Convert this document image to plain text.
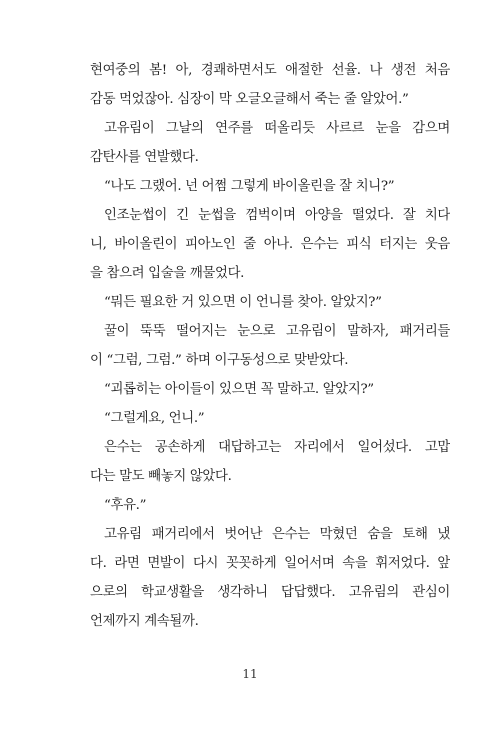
현여중의 봄! 아, 경쾌하면서도 애절한 선율. 나 생전 처음
감동 먹었잖아. 심장이 막 오글오글해서 죽는 줄 알았어.”
고유림이 그날의 연주를 떠올리듯 사르르 눈을 감으며
감탄사를 연발했다.
“나도 그랬어. 넌 어쩜 그렇게 바이올린을 잘 치니?”
인조눈썹이 긴 눈썹을 껌벅이며 아양을 떨었다. 잘 치다
니, 바이올린이 피아노인 줄 아나. 은수는 피식 터지는 웃음
을 참으려 입술을 깨물었다.
“뭐든 필요한 거 있으면 이 언니를 찾아. 알았지?”
꿀이 뚝뚝 떨어지는 눈으로 고유림이 말하자, 패거리들
이 “그럼, 그럼.” 하며 이구동성으로 맞받았다.
“괴롭히는 아이들이 있으면 꼭 말하고. 알았지?”
“그럴게요, 언니.”
은수는 공손하게 대답하고는 자리에서 일어섰다. 고맙
다는 말도 빼놓지 않았다.
“후유.”
고유림 패거리에서 벗어난 은수는 막혔던 숨을 토해 냈
다. 라면 면발이 다시 꼿꼿하게 일어서며 속을 휘저었다. 앞
으로의 학교생활을 생각하니 답답했다. 고유림의 관심이
언제까지 계속될까.
11
